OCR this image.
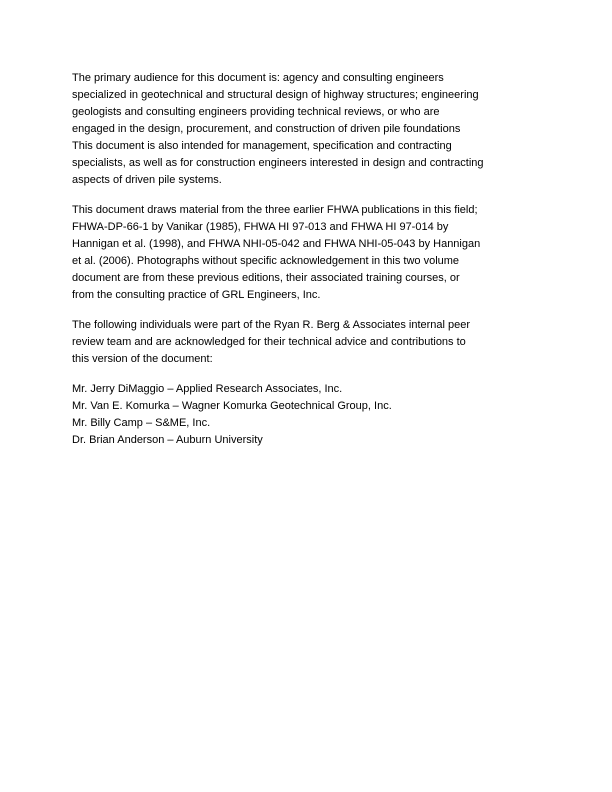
The primary audience for this document is: agency and consulting engineers
specialized in geotechnical and structural design of highway structures; engineering
geologists and consulting engineers providing technical reviews, or who are
engaged in the design, procurement, and construction of driven pile foundations
This document is also intended for management, specification and contracting
specialists, as well as for construction engineers interested in design and contracting
aspects of driven pile systems.

This document draws material from the three earlier FHWA publications in this field;
FHWA-DP-66-1 by Vanikar (1985), FHWA HI 97-013 and FHWA HI 97-014 by
Hannigan et al. (1998), and FHWA NHI-05-042 and FHWA NHI-05-043 by Hannigan
et al. (2006). Photographs without specific acknowledgement in this two volume
document are from these previous editions, their associated training courses, or
from the consulting practice of GRL Engineers, Inc.

The following individuals were part of the Ryan R. Berg & Associates internal peer
review team and are acknowledged for their technical advice and contributions to
this version of the document:

Mr. Jerry DiMaggio – Applied Research Associates, Inc.
Mr. Van E. Komurka – Wagner Komurka Geotechnical Group, Inc.
Mr. Billy Camp – S&ME, Inc.
Dr. Brian Anderson – Auburn University
